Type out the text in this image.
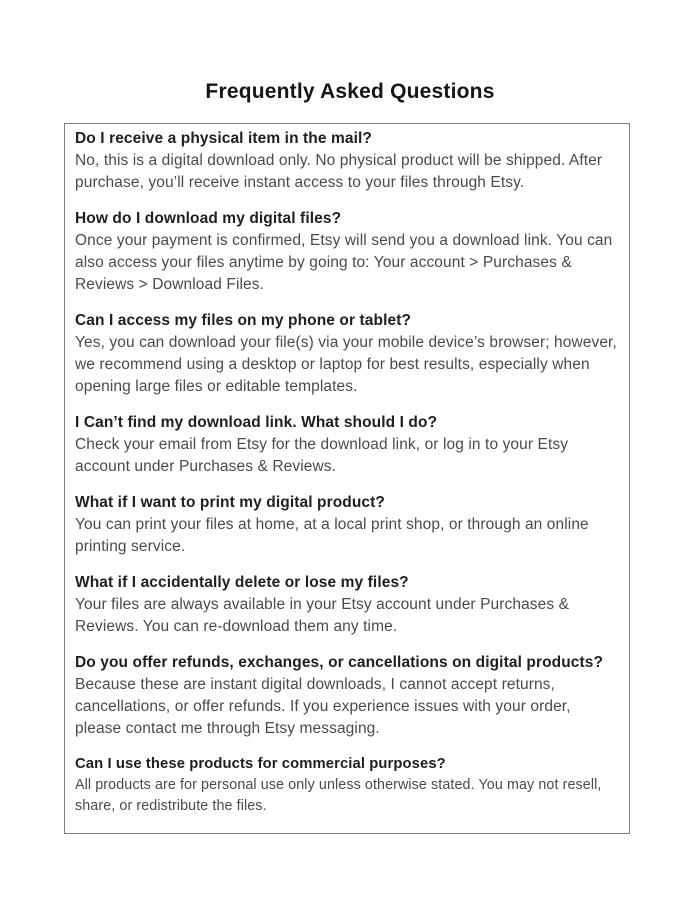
Frequently Asked Questions
Do I receive a physical item in the mail?

No, this is a digital download only. No physical product will be shipped. After purchase, you’ll receive instant access to your files through Etsy.

How do I download my digital files?

Once your payment is confirmed, Etsy will send you a download link. You can also access your files anytime by going to: Your account > Purchases & Reviews > Download Files.

Can I access my files on my phone or tablet?

Yes, you can download your file(s) via your mobile device’s browser; however, we recommend using a desktop or laptop for best results, especially when opening large files or editable templates.

I Can’t find my download link. What should I do?

Check your email from Etsy for the download link, or log in to your Etsy account under Purchases & Reviews.

What if I want to print my digital product?

You can print your files at home, at a local print shop, or through an online printing service.

What if I accidentally delete or lose my files?

Your files are always available in your Etsy account under Purchases & Reviews. You can re-download them any time.

Do you offer refunds, exchanges, or cancellations on digital products?

Because these are instant digital downloads, I cannot accept returns, cancellations, or offer refunds. If you experience issues with your order, please contact me through Etsy messaging.

Can I use these products for commercial purposes?

All products are for personal use only unless otherwise stated. You may not resell, share, or redistribute the files.
